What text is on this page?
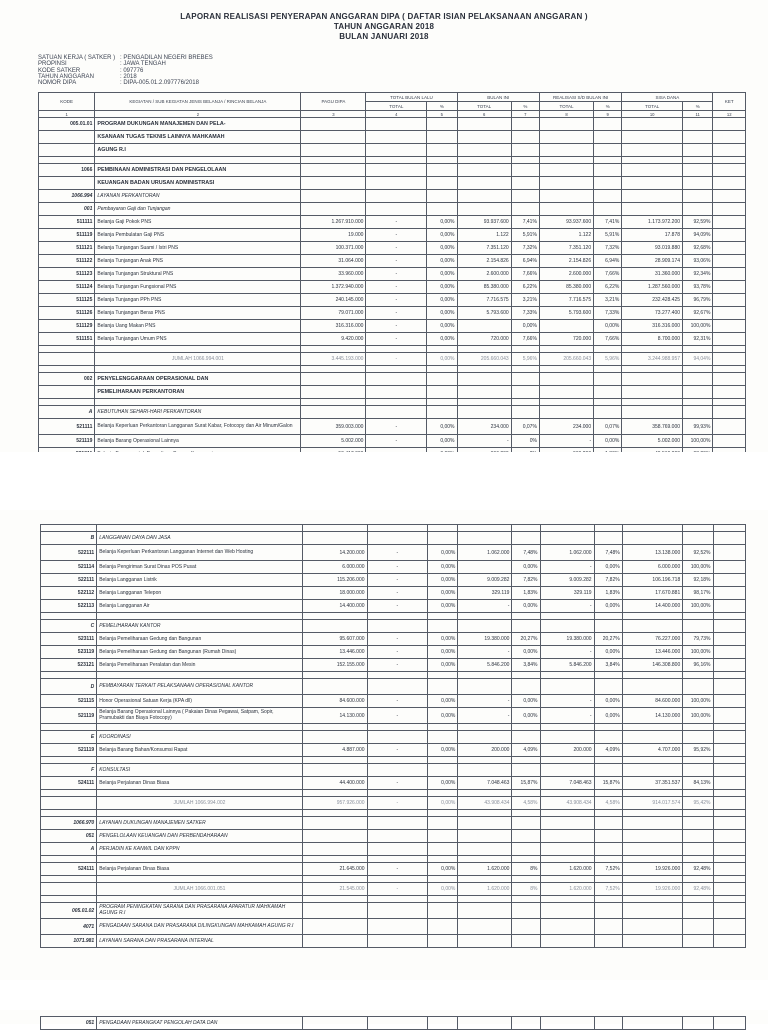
LAPORAN REALISASI PENYERAPAN ANGGARAN DIPA ( DAFTAR ISIAN PELAKSANAAN ANGGARAN )
TAHUN ANGGARAN 2018
BULAN JANUARI 2018
SATUAN KERJA ( SATKER ) : PENGADILAN NEGERI BREBES
PROPINSI	: JAWA TENGAH
KODE SATKER	: 097776
TAHUN ANGGARAN	: 2018
NOMOR DIPA	: DIPA-005.01.2.097776/2018
KODE	KEGIATAN / SUB KEGIATAN JENIS BELANJA / RINCIAN BELANJA	PAGU DIPA	TOTAL BULAN LALU		BULAN INI		REALISASI S/D BULAN INI		SISA DANA		KET
			TOTAL	%	TOTAL	%	TOTAL	%	TOTAL	%	
1	2	3	4	5	6	7	8	9	10	11	12
005.01.01	PROGRAM DUKUNGAN MANAJEMEN DAN PELA-										
	KSANAAN TUGAS TEKNIS LAINNYA MAHKAMAH										
	AGUNG R.I										

1066	PEMBINAAN ADMINISTRASI DAN PENGELOLAAN										
	KEUANGAN BADAN URUSAN ADMINISTRASI										
1066.994	LAYANAN PERKANTORAN										
001	Pembayaran Gaji dan Tunjangan										
511111	Belanja Gaji Pokok PNS	1.267.910.000	-	0,00%	93.937.600	7,41%	93.937.600	7,41%	1.173.972.200	92,59%	
511119	Belanja Pembulatan Gaji PNS	19.000	-	0,00%	1.122	5,91%	1.122	5,91%	17.878	94,09%	
511121	Belanja Tunjangan Suami / Istri PNS	100.371.000	-	0,00%	7.351.120	7,32%	7.351.120	7,32%	93.019.880	92,68%	
511122	Belanja Tunjangan Anak PNS	31.064.000	-	0,00%	2.154.826	6,94%	2.154.826	6,94%	28.909.174	93,06%	
511123	Belanja Tunjangan Struktural PNS	33.960.000	-	0,00%	2.600.000	7,66%	2.600.000	7,66%	31.360.000	92,34%	
511124	Belanja Tunjangan Fungsional PNS	1.372.940.000	-	0,00%	85.380.000	6,22%	85.380.000	6,22%	1.287.560.000	93,78%	
511125	Belanja Tunjangan PPh PNS	240.145.000	-	0,00%	7.716.575	3,21%	7.716.575	3,21%	232.428.425	96,79%	
511126	Belanja Tunjangan Beras PNS	79.071.000	-	0,00%	5.793.600	7,33%	5.793.600	7,33%	73.277.400	92,67%	
511129	Belanja Uang Makan PNS	316.316.000	-	0,00%		0,00%		0,00%	316.316.000	100,00%	
511151	Belanja Tunjangan Umum PNS	9.420.000	-	0,00%	720.000	7,66%	720.000	7,66%	8.700.000	92,31%	

	JUMLAH 1066.994.001	3.445.193.000	-	0,00%	205.660.043	5,96%	205.660.043	5,96%	3.244.988.957	94,04%	

002	PENYELENGGARAAN OPERASIONAL DAN										
	PEMELIHARAAN PERKANTORAN										

A	KEBUTUHAN SEHARI-HARI PERKANTORAN										
521111	Belanja Keperluan Perkantoran Langganan Surat Kabar, Fotocopy dan Air Minum/Galon	359.003.000	-	0,00%	234.000	0,07%	234.000	0,07%	358.769.000	99,93%	
521119	Belanja Barang Operasional Lainnya	5.002.000	-	0,00%	-	0%	-	0,00%	5.002.000	100,00%	

B	LANGGANAN DAYA DAN JASA										
522111	Belanja Keperluan Perkantoran Langganan Internet dan Web Hosting	14.200.000	-	0,00%	1.062.000	7,48%	1.062.000	7,48%	13.138.000	92,52%	
521114	Belanja Pengiriman Surat Dinas POS Pusat	6.000.000	-	0,00%		0,00%	-	0,00%	6.000.000	100,00%	
522111	Belanja Langganan Listrik	115.206.000	-	0,00%	9.009.282	7,82%	9.009.282	7,82%	106.196.718	92,18%	
522112	Belanja Langganan Telepon	18.000.000	-	0,00%	329.119	1,83%	329.119	1,83%	17.670.881	98,17%	
522113	Belanja Langganan Air	14.400.000	-	0,00%	-	0,00%	-	0,00%	14.400.000	100,00%	

C	PEMELIHARAAN KANTOR										
523111	Belanja Pemeliharaan Gedung dan Bangunan	95.607.000	-	0,00%	19.380.000	20,27%	19.380.000	20,27%	76.227.000	79,73%	
523119	Belanja Pemeliharaan Gedung dan Bangunan (Rumah Dinas)	13.446.000	-	0,00%	-	0,00%	-	0,00%	13.446.000	100,00%	
523121	Belanja Pemeliharaan Peralatan dan Mesin	152.155.000	-	0,00%	5.846.200	3,84%	5.846.200	3,84%	146.308.800	96,16%	

D	PEMBAYARAN TERKAIT PELAKSANAAN OPERASIONAL KANTOR										
521115	Honor Operasional Satuan Kerja (KPA dll)	84.600.000	-	0,00%	-	0,00%	-	0,00%	84.600.000	100,00%	
521119	Belanja Barang Operasional Lainnya ( Pakaian Dinas Pegawai, Satpam, Sopir, Pramubakti dan Biaya Fotocopy)	14.130.000	-	0,00%	-	0,00%	-	0,00%	14.130.000	100,00%	

E	KOORDINASI										
521119	Belanja Barang Bahan/Konsumsi Rapat	4.887.000	-	0,00%	200.000	4,09%	200.000	4,09%	4.707.000	95,92%	

F	KONSULTASI										
524111	Belanja Perjalanan Dinas Biasa	44.400.000	-	0,00%	7.048.463	15,87%	7.048.463	15,87%	37.351.537	84,13%	

	JUMLAH 1066.994.002	957.926.000	-	0,00%	43.908.434	4,58%	43.908.434	4,58%	914.017.574	95,42%	

1066.970	LAYANAN DUKUNGAN MANAJEMEN SATKER										
051	PENGELOLAAN KEUANGAN DAN PERBENDAHARAAN										
A	PERJADIN KE KANWIL DAN KPPN										

524111	Belanja Perjalanan Dinas Biasa	21.645.000	-	0,00%	1.620.000	8%	1.620.000	7,52%	19.926.000	92,48%	

	JUMLAH 1066.001.051	21.545.000	-	0,00%	1.620.000	8%	1.620.000	7,52%	19.926.000	92,48%	

005.01.02	PROGRAM PENINGKATAN SARANA DAN PRASARANA APARATUR MAHKAMAH AGUNG R.I										
4071	PENGADAAN SARANA DAN PRASARANA DILINGKUNGAN MAHKAMAH AGUNG R.I										
1071.981	LAYANAN SARANA DAN PRASARANA INTERNAL										
051	PENGADAAN PERANGKAT PENGOLAH DATA DAN										
